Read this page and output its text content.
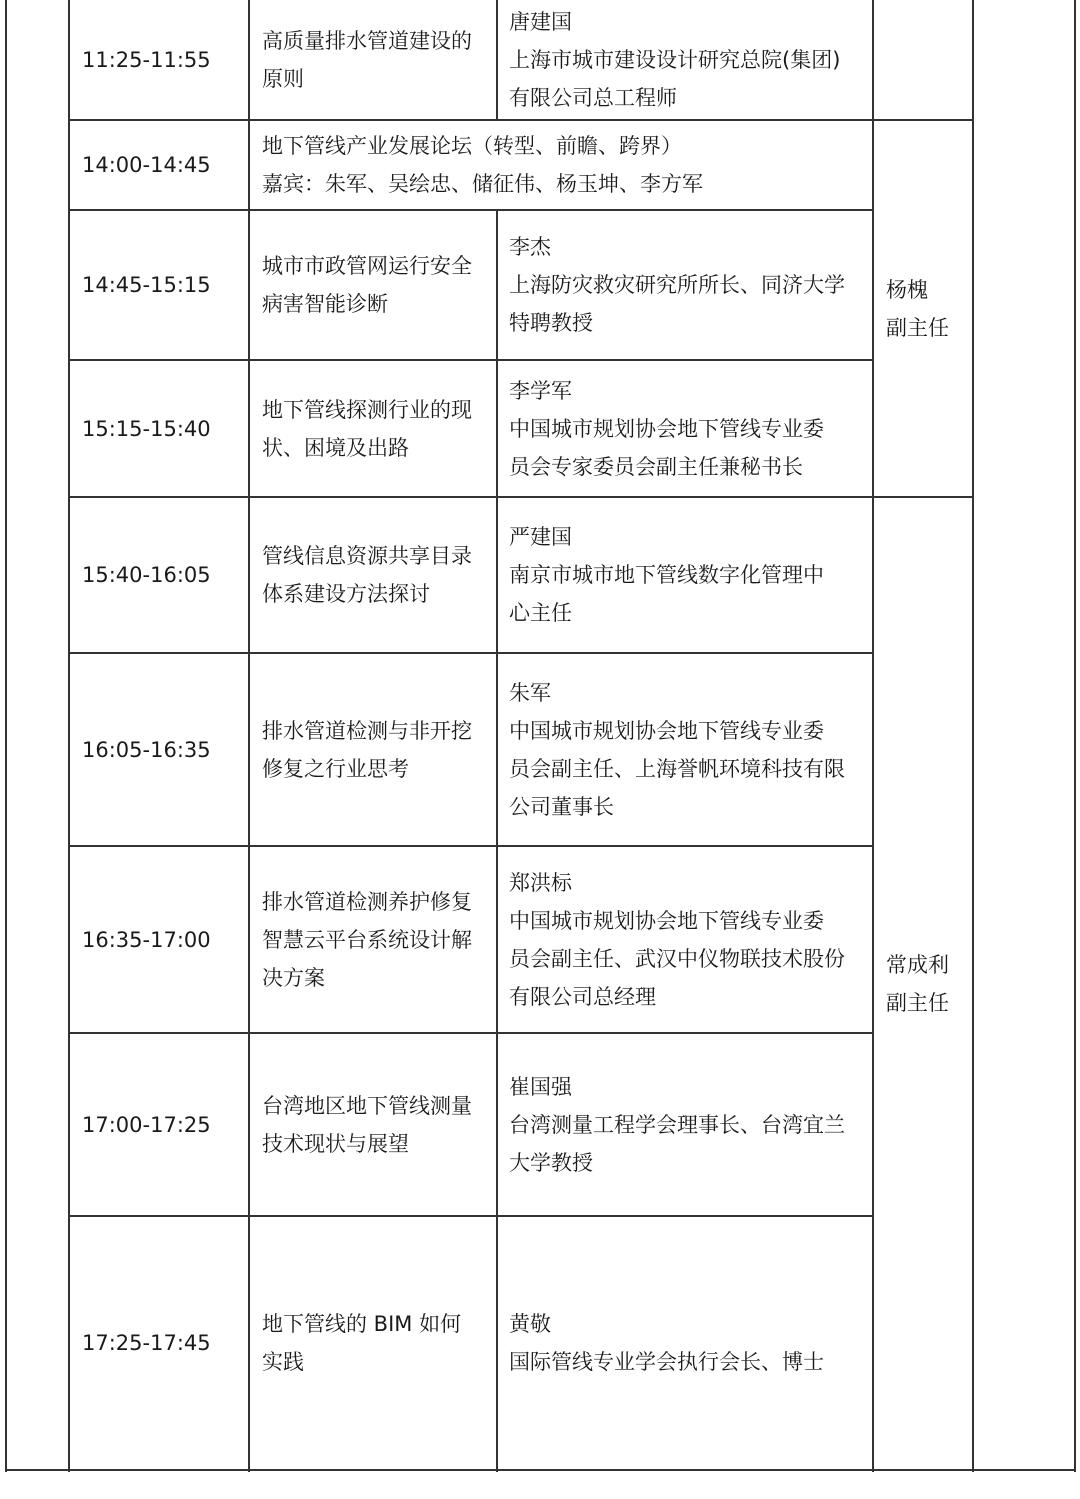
11:25-11:55
高质量排水管道建设的
原则
唐建国
上海市城市建设设计研究总院(集团)
有限公司总工程师
14:00-14:45
地下管线产业发展论坛（转型、前瞻、跨界）
嘉宾：朱军、吴绘忠、储征伟、杨玉坤、李方军
14:45-15:15
城市市政管网运行安全
病害智能诊断
李杰
上海防灾救灾研究所所长、同济大学
特聘教授
15:15-15:40
地下管线探测行业的现
状、困境及出路
李学军
中国城市规划协会地下管线专业委
员会专家委员会副主任兼秘书长
15:40-16:05
管线信息资源共享目录
体系建设方法探讨
严建国
南京市城市地下管线数字化管理中
心主任
16:05-16:35
排水管道检测与非开挖
修复之行业思考
朱军
中国城市规划协会地下管线专业委
员会副主任、上海誉帆环境科技有限
公司董事长
16:35-17:00
排水管道检测养护修复
智慧云平台系统设计解
决方案
郑洪标
中国城市规划协会地下管线专业委
员会副主任、武汉中仪物联技术股份
有限公司总经理
17:00-17:25
台湾地区地下管线测量
技术现状与展望
崔国强
台湾测量工程学会理事长、台湾宜兰
大学教授
17:25-17:45
地下管线的 BIM 如何
实践
黄敬
国际管线专业学会执行会长、博士
杨槐
副主任
常成利
副主任
